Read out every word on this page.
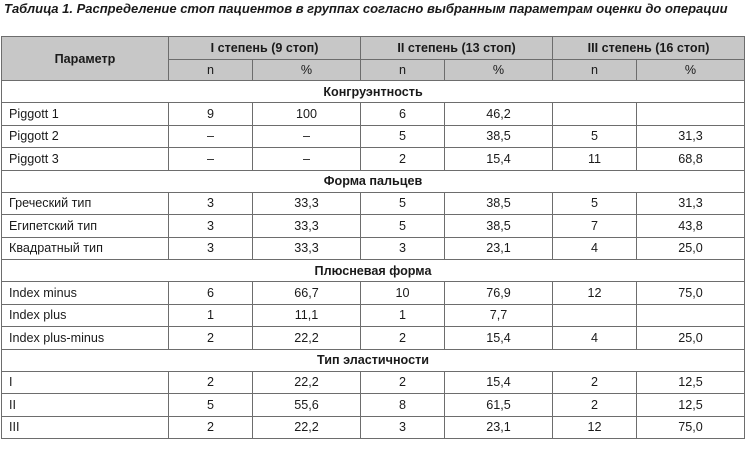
Таблица 1. Распределение стоп пациентов в группах согласно выбранным параметрам оценки до операции
Параметр	I степень (9 стоп)		II степень (13 стоп)		III степень (16 стоп)	
	n	%	n	%	n	%
Конгруэнтность						
Piggott 1	9	100	6	46,2		
Piggott 2	–	–	5	38,5	5	31,3
Piggott 3	–	–	2	15,4	11	68,8
Форма пальцев						
Греческий тип	3	33,3	5	38,5	5	31,3
Египетский тип	3	33,3	5	38,5	7	43,8
Квадратный тип	3	33,3	3	23,1	4	25,0
Плюсневая форма						
Index minus	6	66,7	10	76,9	12	75,0
Index plus	1	11,1	1	7,7		
Index plus-minus	2	22,2	2	15,4	4	25,0
Тип эластичности						
I	2	22,2	2	15,4	2	12,5
II	5	55,6	8	61,5	2	12,5
III	2	22,2	3	23,1	12	75,0
